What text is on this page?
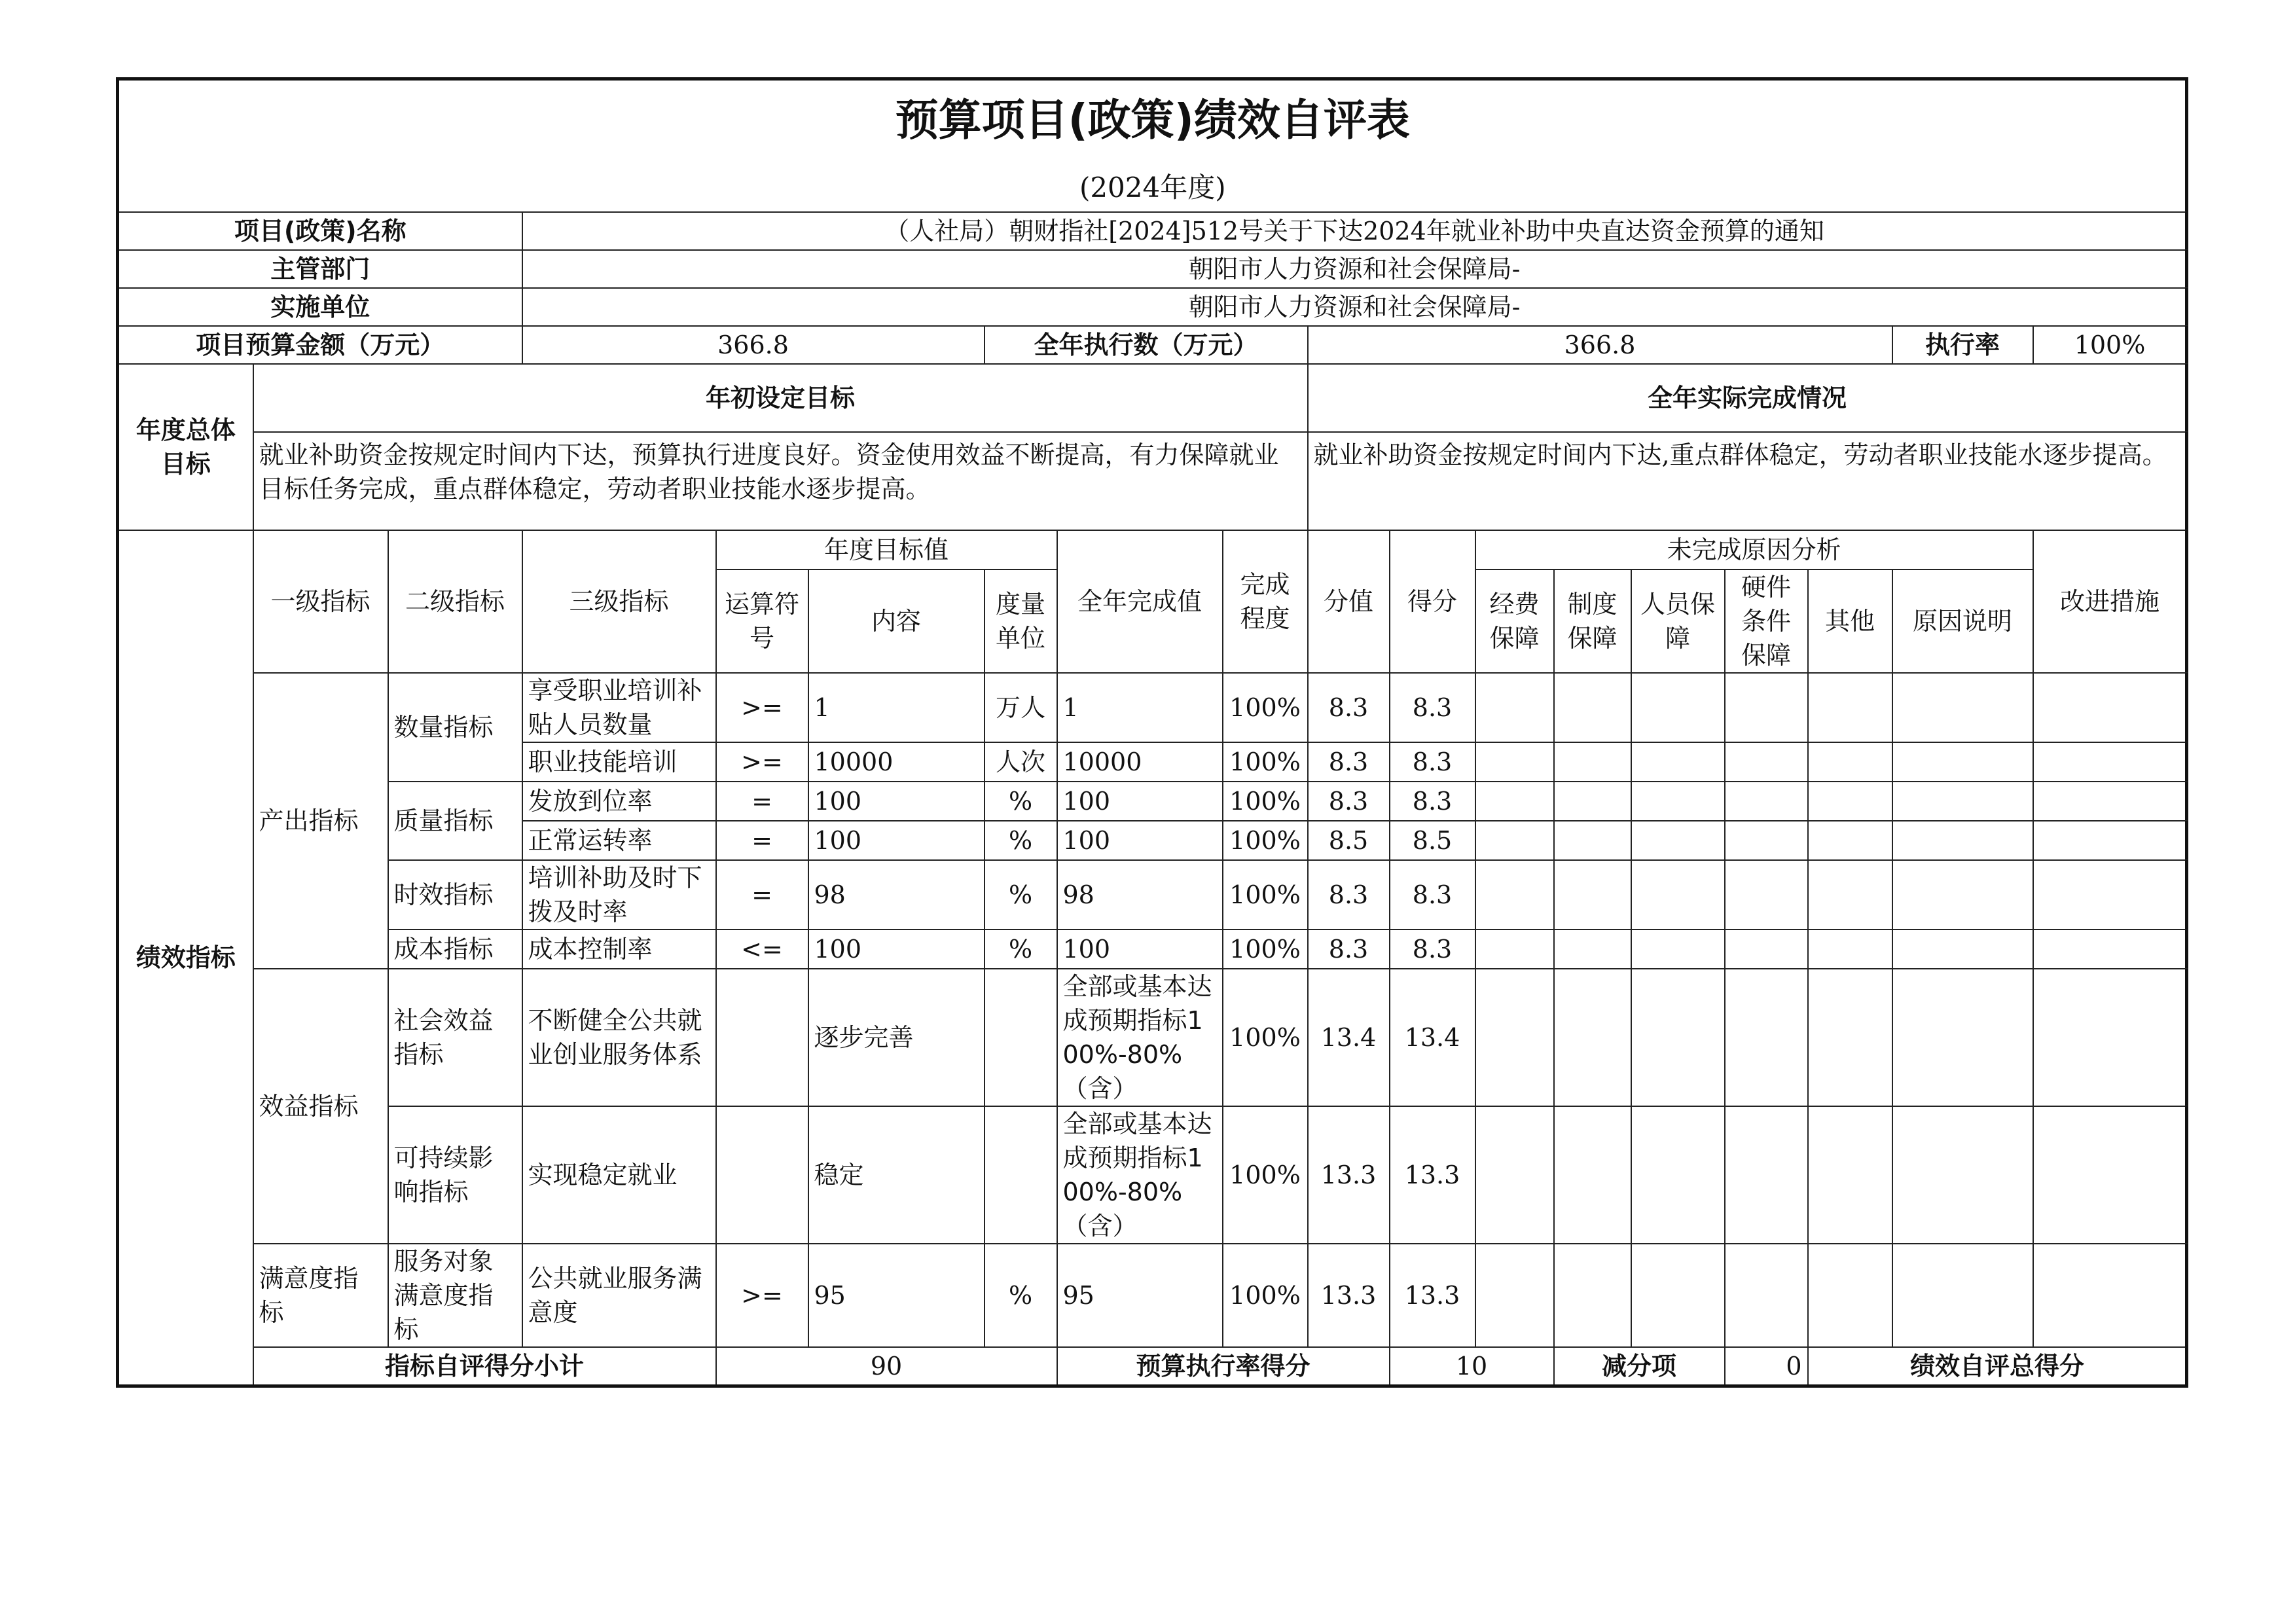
预算项目(政策)绩效自评表
(2024年度)																		

项目(政策)名称			（人社局）朝财指社[2024]512号关于下达2024年就业补助中央直达资金预算的通知															
主管部门			朝阳市人力资源和社会保障局-															
实施单位			朝阳市人力资源和社会保障局-															
项目预算金额（万元）			366.8			全年执行数（万元）			366.8							执行率	100%	
年度总体目标	年初设定目标								全年实际完成情况									
	就业补助资金按规定时间内下达，预算执行进度良好。资金使用效益不断提高，有力保障就业目标任务完成，重点群体稳定，劳动者职业技能水逐步提高。								就业补助资金按规定时间内下达,重点群体稳定，劳动者职业技能水逐步提高。									
绩效指标	一级指标	二级指标	三级指标	年度目标值			全年完成值	完成程度	分值	得分	未完成原因分析						改进措施	
				运算符号	内容	度量单位					经费保障	制度保障	人员保障	硬件条件保障	其他	原因说明		
	产出指标	数量指标	享受职业培训补贴人员数量	>=	1	万人	1	100%	8.3	8.3								
			职业技能培训	>=	10000	人次	10000	100%	8.3	8.3								
		质量指标	发放到位率	=	100	%	100	100%	8.3	8.3								
			正常运转率	=	100	%	100	100%	8.5	8.5								
		时效指标	培训补助及时下拨及时率	=	98	%	98	100%	8.3	8.3								
		成本指标	成本控制率	<=	100	%	100	100%	8.3	8.3								
	效益指标	社会效益指标	不断健全公共就业创业服务体系		逐步完善		全部或基本达成预期指标100%-80%（含）	100%	13.4	13.4								
		可持续影响指标	实现稳定就业		稳定		全部或基本达成预期指标100%-80%（含）	100%	13.3	13.3								
	满意度指标	服务对象满意度指标	公共就业服务满意度	>=	95	%	95	100%	13.3	13.3								
	指标自评得分小计			90			预算执行率得分			10		减分项		0	绩效自评总得分	
